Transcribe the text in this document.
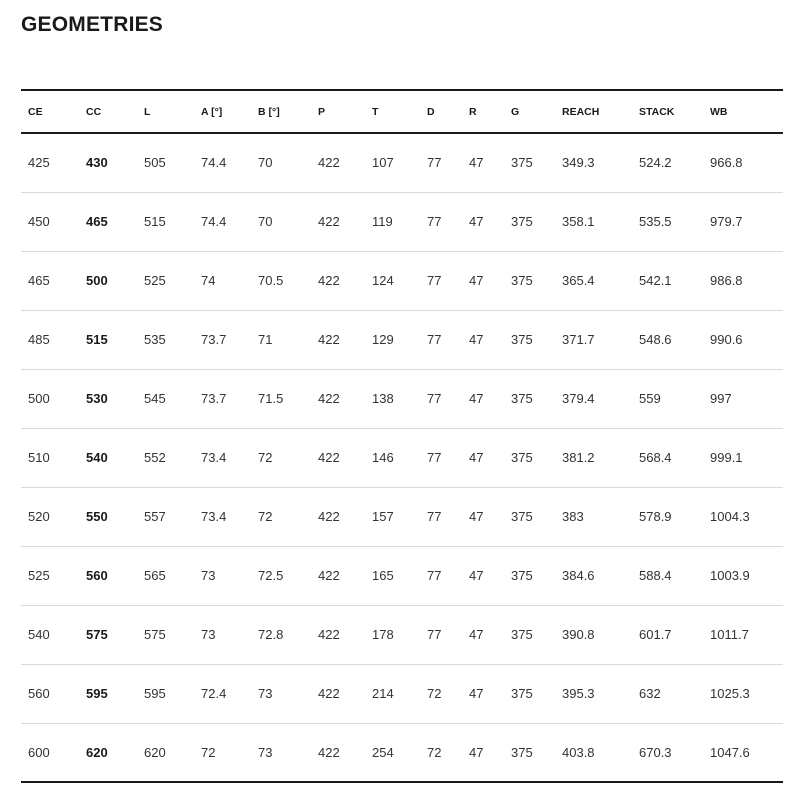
GEOMETRIES
CE	CC	L	A [°]	B [°]	P	T	D	R	G	REACH	STACK	WB
425	430	505	74.4	70	422	107	77	47	375	349.3	524.2	966.8
450	465	515	74.4	70	422	119	77	47	375	358.1	535.5	979.7
465	500	525	74	70.5	422	124	77	47	375	365.4	542.1	986.8
485	515	535	73.7	71	422	129	77	47	375	371.7	548.6	990.6
500	530	545	73.7	71.5	422	138	77	47	375	379.4	559	997
510	540	552	73.4	72	422	146	77	47	375	381.2	568.4	999.1
520	550	557	73.4	72	422	157	77	47	375	383	578.9	1004.3
525	560	565	73	72.5	422	165	77	47	375	384.6	588.4	1003.9
540	575	575	73	72.8	422	178	77	47	375	390.8	601.7	1011.7
560	595	595	72.4	73	422	214	72	47	375	395.3	632	1025.3
600	620	620	72	73	422	254	72	47	375	403.8	670.3	1047.6
